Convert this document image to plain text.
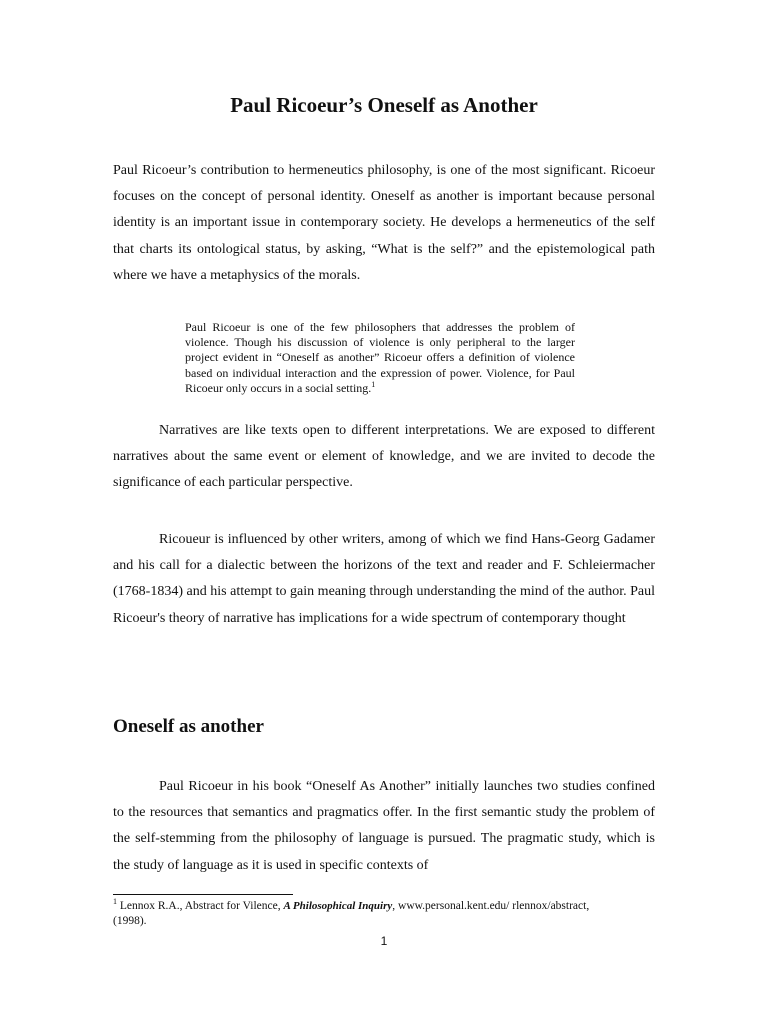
Paul Ricoeur’s Oneself as Another

Paul Ricoeur’s contribution to hermeneutics philosophy, is one of the most significant. Ricoeur focuses on the concept of personal identity. Oneself as another is important because personal identity is an important issue in contemporary society. He develops a hermeneutics of the self that charts its ontological status, by asking, “What is the self?” and the epistemological path where we have a metaphysics of the morals.

Paul Ricoeur is one of the few philosophers that addresses the problem of violence. Though his discussion of violence is only peripheral to the larger project evident in “Oneself as another” Ricoeur offers a definition of violence based on individual interaction and the expression of power. Violence, for Paul Ricoeur only occurs in a social setting.$^1$

Narratives are like texts open to different interpretations. We are exposed to different narratives about the same event or element of knowledge, and we are invited to decode the significance of each particular perspective.

Ricoueur is influenced by other writers, among of which we find Hans-Georg Gadamer and his call for a dialectic between the horizons of the text and reader and F. Schleiermacher (1768-1834) and his attempt to gain meaning through understanding the mind of the author. Paul Ricoeur's theory of narrative has implications for a wide spectrum of contemporary thought

Oneself as another

Paul Ricoeur in his book “Oneself As Another” initially launches two studies confined to the resources that semantics and pragmatics offer. In the first semantic study the problem of the self-stemming from the philosophy of language is pursued. The pragmatic study, which is the study of language as it is used in specific contexts of

$^1$ Lennox R.A., Abstract for Vilence, A Philosophical Inquiry, www.personal.kent.edu/ rlennox/abstract, (1998).

1
